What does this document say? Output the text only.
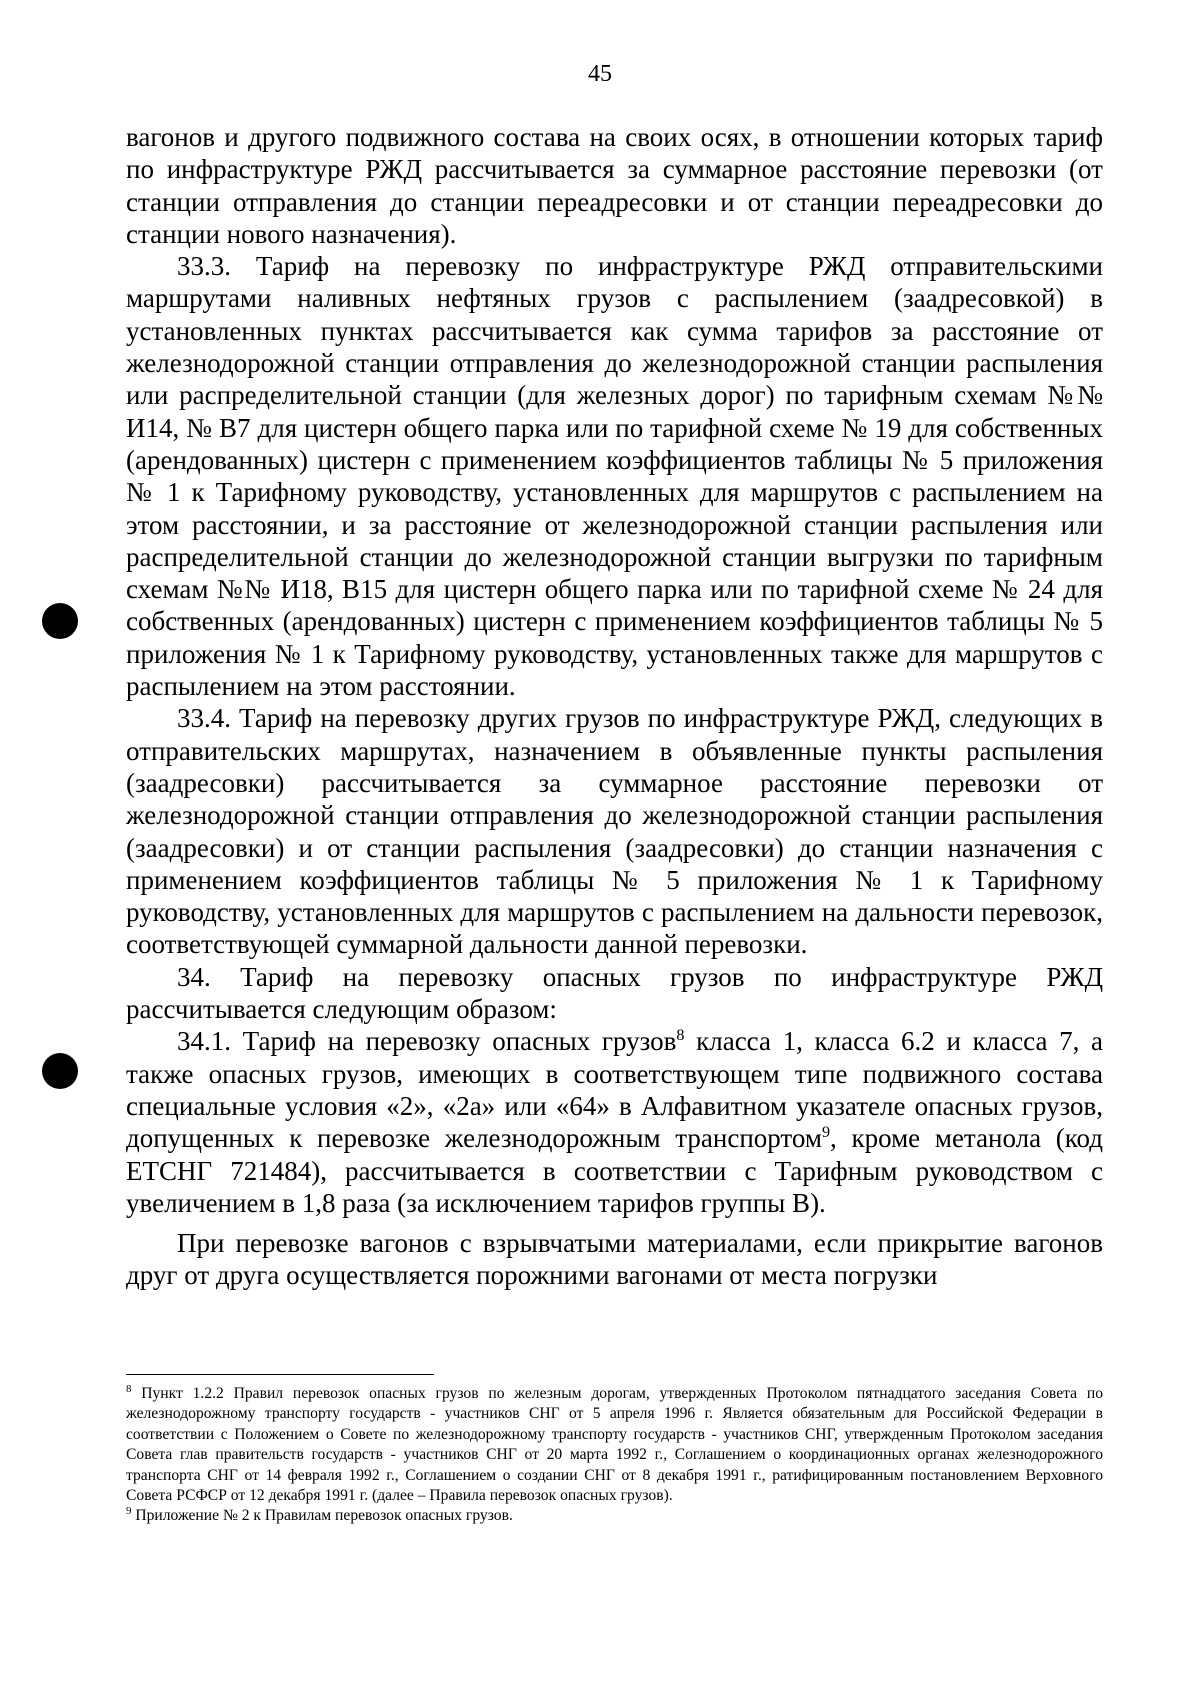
45

вагонов и другого подвижного состава на своих осях, в отношении которых тариф по инфраструктуре РЖД рассчитывается за суммарное расстояние перевозки (от станции отправления до станции переадресовки и от станции переадресовки до станции нового назначения).

33.3. Тариф на перевозку по инфраструктуре РЖД отправительскими маршрутами наливных нефтяных грузов с распылением (заадресовкой) в установленных пунктах рассчитывается как сумма тарифов за расстояние от железнодорожной станции отправления до железнодорожной станции распыления или распределительной станции (для железных дорог) по тарифным схемам №№ И14, № В7 для цистерн общего парка или по тарифной схеме № 19 для собственных (арендованных) цистерн с применением коэффициентов таблицы № 5 приложения № 1 к Тарифному руководству, установленных для маршрутов с распылением на этом расстоянии, и за расстояние от железнодорожной станции распыления или распределительной станции до железнодорожной станции выгрузки по тарифным схемам №№ И18, В15 для цистерн общего парка или по тарифной схеме № 24 для собственных (арендованных) цистерн с применением коэффициентов таблицы № 5 приложения № 1 к Тарифному руководству, установленных также для маршрутов с распылением на этом расстоянии.

33.4. Тариф на перевозку других грузов по инфраструктуре РЖД, следующих в отправительских маршрутах, назначением в объявленные пункты распыления (заадресовки) рассчитывается за суммарное расстояние перевозки от железнодорожной станции отправления до железнодорожной станции распыления (заадресовки) и от станции распыления (заадресовки) до станции назначения с применением коэффициентов таблицы № 5 приложения № 1 к Тарифному руководству, установленных для маршрутов с распылением на дальности перевозок, соответствующей суммарной дальности данной перевозки.

34. Тариф на перевозку опасных грузов по инфраструктуре РЖД рассчитывается следующим образом:

34.1. Тариф на перевозку опасных грузов$^8$ класса 1, класса 6.2 и класса 7, а также опасных грузов, имеющих в соответствующем типе подвижного состава специальные условия «2», «2а» или «64» в Алфавитном указателе опасных грузов, допущенных к перевозке железнодорожным транспортом$^9$, кроме метанола (код ЕТСНГ 721484), рассчитывается в соответствии с Тарифным руководством с увеличением в 1,8 раза (за исключением тарифов группы В).

При перевозке вагонов с взрывчатыми материалами, если прикрытие вагонов друг от друга осуществляется порожними вагонами от места погрузки

$^8$ Пункт 1.2.2 Правил перевозок опасных грузов по железным дорогам, утвержденных Протоколом пятнадцатого заседания Совета по железнодорожному транспорту государств - участников СНГ от 5 апреля 1996 г. Является обязательным для Российской Федерации в соответствии с Положением о Совете по железнодорожному транспорту государств - участников СНГ, утвержденным Протоколом заседания Совета глав правительств государств - участников СНГ от 20 марта 1992 г., Соглашением о координационных органах железнодорожного транспорта СНГ от 14 февраля 1992 г., Соглашением о создании СНГ от 8 декабря 1991 г., ратифицированным постановлением Верховного Совета РСФСР от 12 декабря 1991 г. (далее – Правила перевозок опасных грузов).

$^9$ Приложение № 2 к Правилам перевозок опасных грузов.
